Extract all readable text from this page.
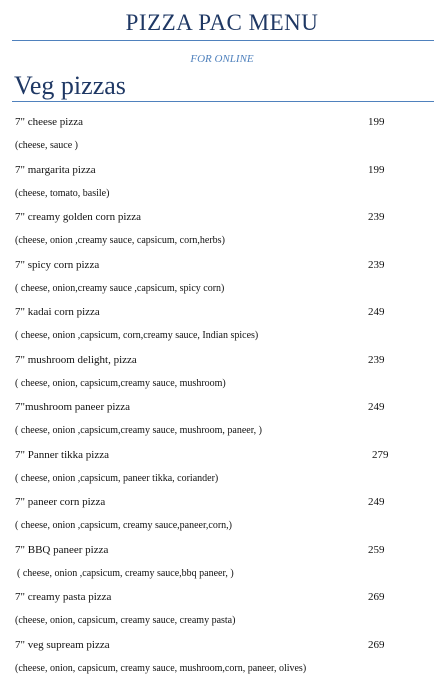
PIZZA PAC MENU
FOR ONLINE
Veg pizzas
7" cheese pizza	199
(cheese, sauce )
7" margarita pizza	199
(cheese, tomato, basile)
7" creamy golden corn pizza	239
(cheese, onion ,creamy sauce, capsicum, corn,herbs)
7" spicy corn pizza	239
( cheese, onion,creamy sauce ,capsicum, spicy corn)
7" kadai corn pizza	249
( cheese, onion ,capsicum, corn,creamy sauce, Indian spices)
7" mushroom delight, pizza	239
( cheese, onion, capsicum,creamy sauce, mushroom)
7"mushroom paneer pizza	249
( cheese, onion ,capsicum,creamy sauce, mushroom, paneer, )
7" Panner tikka pizza	279
( cheese, onion ,capsicum, paneer tikka, coriander)
7" paneer corn pizza	249
( cheese, onion ,capsicum, creamy sauce,paneer,corn,)
7" BBQ paneer pizza	259
( cheese, onion ,capsicum, creamy sauce,bbq paneer, )
7" creamy pasta pizza	269
(cheese, onion, capsicum, creamy sauce, creamy pasta)
7" veg supream pizza	269
(cheese, onion, capsicum, creamy sauce, mushroom,corn, paneer, olives)
